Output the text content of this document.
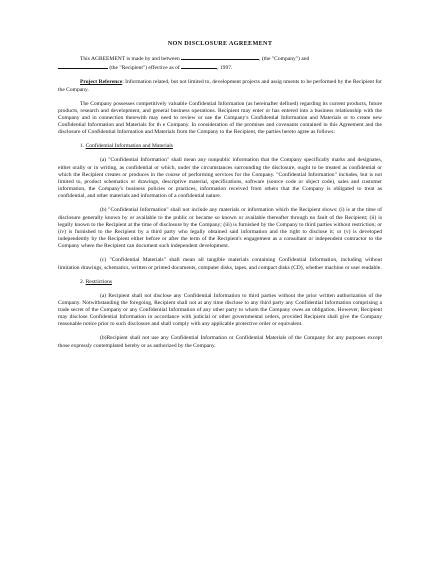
NON DISCLOSURE AGREEMENT

This AGREEMENT is made by and between	, (the "Company") and

(the "Recipient") effective as of	, 1997.

Project Reference: Information related, but not limited to, development projects and assig nments to be performed by the Recipient for the Company.

The Company possesses competitively valuable Confidential Information (as hereinafter defined) regarding its current products, future products, research and development, and general business operations. Recipient may enter or has entered into a business relationship with the Company and in connection therewith may need to review or use the Company's Confidential Information and Materials or to create new Confidential Information and Materials for th e Company. In consideration of the promises and covenants contained in this Agreement and the disclosure of Confidential Information and Materials from the Company to the Recipient, the parties hereto agree as follows:

1. Confidential Information and Materials

(a) "Confidential Information" shall mean any nonpublic information that the Company specifically marks and designates, either orally or in writing, as confidential or which, under the circumstances surrounding the disclosure, ought to be treated as confidential or which the Recipient creates or produces in the course of performing services for the Company. "Confidential Information" includes, but is not limited to, product schematics or drawings, descriptive material, specifications, software (source code or object code), sales and customer information, the Company's business policies or practices, information received from others that the Company is obligated to treat as confidential, and other materials and information of a confidential nature.

(b) "Confidential Information" shall not include any materials or information which the Recipient shows: (i) is at the time of disclosure generally known by or available to the public or became so known or available thereafter through no fault of the Recipient; (ii) is legally known to the Recipient at the time of disclosure by the Company; (iii) is furnished by the Company to third parties without restriction; or (iv) is furnished to the Recipient by a third party who legally obtained said information and the right to disclose it; or (v) is developed independently by the Recipient either before or after the term of the Recipient's engagement as a consultant or independent contractor to the Company where the Recipient can document such independent development.

(c) "Confidential Materials" shall mean all tangible materials containing Confidential Information, including without limitation drawings, schematics, written or printed documents, computer disks, tapes, and compact disks (CD), whether machine or user readable.

2. Restrictions

(a) Recipient shall not disclose any Confidential Information to third parties without the prior written authorization of the Company. Notwithstanding the foregoing, Recipient shall not at any time disclose to any third party any Confidential Information comprising a trade secret of the Company or any Confidential Information of any other party to whom the Company owes an obligation. However, Recipient may disclose Confidential Information in accordance with judicial or other governmental orders, provided Recipient shall give the Company reasonable notice prior to such disclosure and shall comply with any applicable protective order or equivalent.

(b)Recipient shall not use any Confidential Information or Confidential Materials of the Company for any purposes except those expressly contemplated hereby or as authorized by the Company.
